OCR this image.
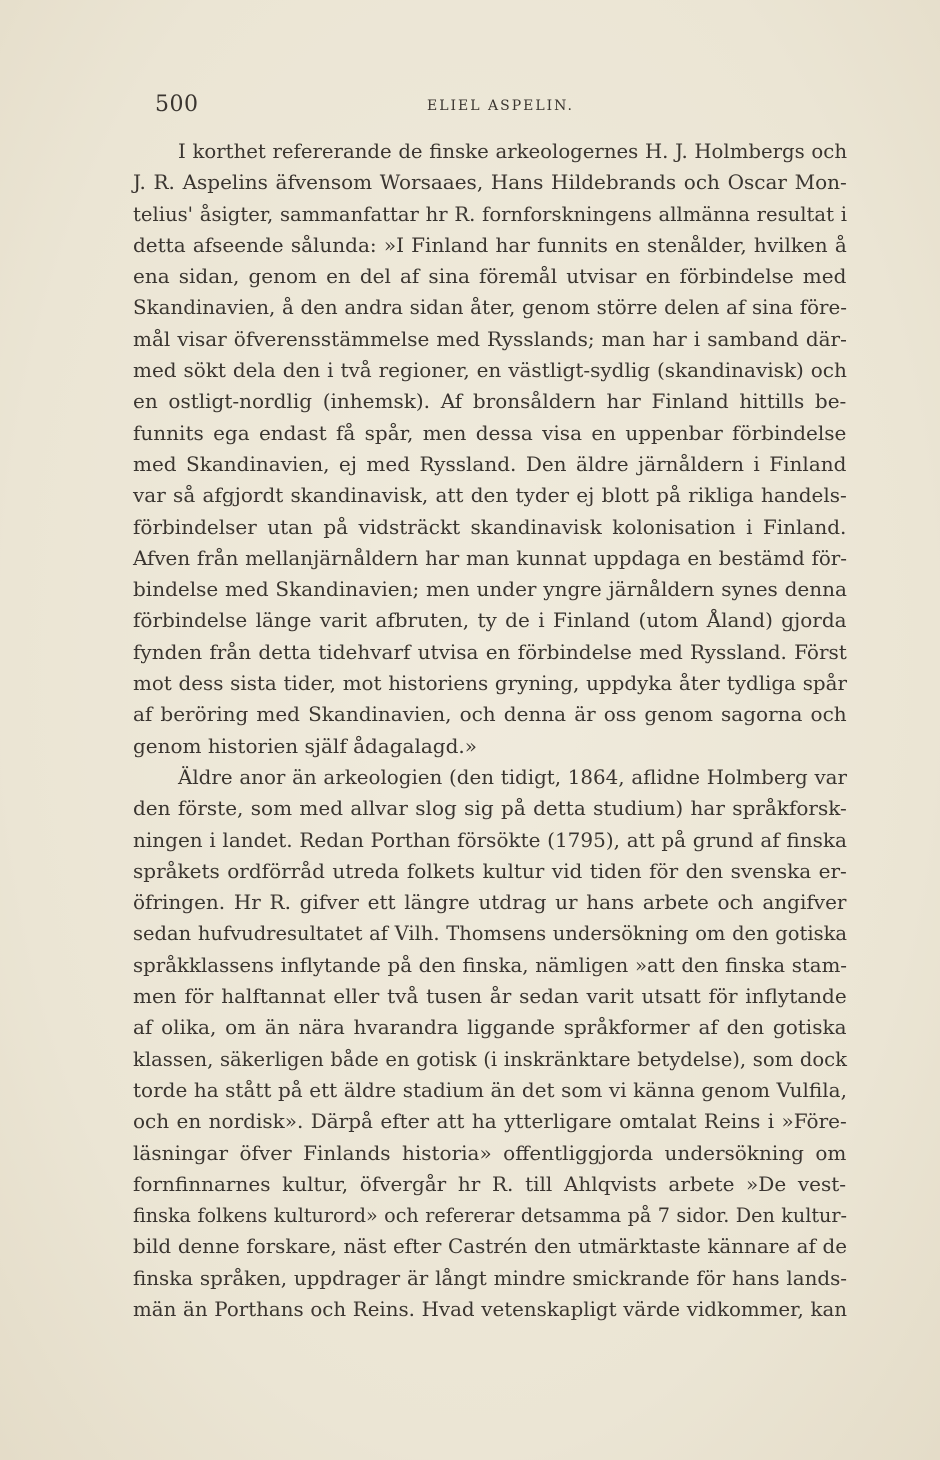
500	ELIEL ASPELIN.
I korthet refererande de finske arkeologernes H. J. Holmbergs och
J. R. Aspelins äfvensom Worsaaes, Hans Hildebrands och Oscar Mon-
telius' åsigter, sammanfattar hr R. fornforskningens allmänna resultat i
detta afseende sålunda: »I Finland har funnits en stenålder, hvilken å
ena sidan, genom en del af sina föremål utvisar en förbindelse med
Skandinavien, å den andra sidan åter, genom större delen af sina före-
mål visar öfverensstämmelse med Rysslands; man har i samband där-
med sökt dela den i två regioner, en västligt-sydlig (skandinavisk) och
en ostligt-nordlig (inhemsk). Af bronsåldern har Finland hittills be-
funnits ega endast få spår, men dessa visa en uppenbar förbindelse
med Skandinavien, ej med Ryssland. Den äldre järnåldern i Finland
var så afgjordt skandinavisk, att den tyder ej blott på rikliga handels-
förbindelser utan på vidsträckt skandinavisk kolonisation i Finland.
Afven från mellanjärnåldern har man kunnat uppdaga en bestämd för-
bindelse med Skandinavien; men under yngre järnåldern synes denna
förbindelse länge varit afbruten, ty de i Finland (utom Åland) gjorda
fynden från detta tidehvarf utvisa en förbindelse med Ryssland. Först
mot dess sista tider, mot historiens gryning, uppdyka åter tydliga spår
af beröring med Skandinavien, och denna är oss genom sagorna och
genom historien själf ådagalagd.»
Äldre anor än arkeologien (den tidigt, 1864, aflidne Holmberg var
den förste, som med allvar slog sig på detta studium) har språkforsk-
ningen i landet. Redan Porthan försökte (1795), att på grund af finska
språkets ordförråd utreda folkets kultur vid tiden för den svenska er-
öfringen. Hr R. gifver ett längre utdrag ur hans arbete och angifver
sedan hufvudresultatet af Vilh. Thomsens undersökning om den gotiska
språkklassens inflytande på den finska, nämligen »att den finska stam-
men för halftannat eller två tusen år sedan varit utsatt för inflytande
af olika, om än nära hvarandra liggande språkformer af den gotiska
klassen, säkerligen både en gotisk (i inskränktare betydelse), som dock
torde ha stått på ett äldre stadium än det som vi känna genom Vulfila,
och en nordisk». Därpå efter att ha ytterligare omtalat Reins i »Före-
läsningar öfver Finlands historia» offentliggjorda undersökning om
fornfinnarnes kultur, öfvergår hr R. till Ahlqvists arbete »De vest-
finska folkens kulturord» och refererar detsamma på 7 sidor. Den kultur-
bild denne forskare, näst efter Castrén den utmärktaste kännare af de
finska språken, uppdrager är långt mindre smickrande för hans lands-
män än Porthans och Reins. Hvad vetenskapligt värde vidkommer, kan
